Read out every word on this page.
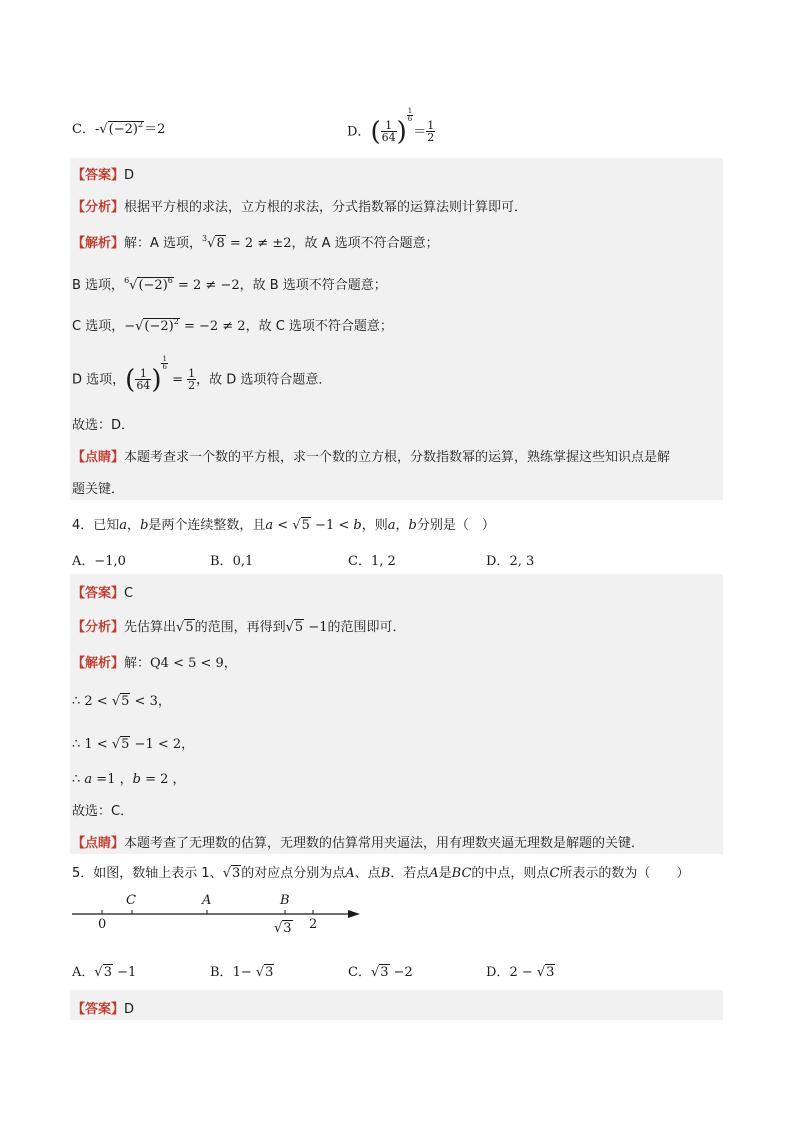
C．$-√(-2)^2=2$	D．( $\frac{1}{64}$ )
$\frac{1}{6}$
＝ $\frac{1}{2}$
【答案】D
【分析】根据平方根的求法，立方根的求法，分式指数幂的运算法则计算即可．
【解析】解：A 选项，$^3$√8 = 2 ≠ ±2，故 A 选项不符合题意；
B 选项，$^6√(-2)^6 = 2 \ne -2$，故 B 选项不符合题意；
C 选项，$-√(-2)^2 = -2 \ne 2$，故 C 选项不符合题意；
D 选项，( $\frac{1}{64}$ )
$\frac{1}{6}$
= $\frac{1}{2}$ ，故 D 选项符合题意．
故选：D．
【点睛】本题考查求一个数的平方根，求一个数的立方根，分数指数幂的运算，熟练掌握这些知识点是解
题关键．
4．已知a，b是两个连续整数，且a < √5 −1 < b，则a，b分别是（　）
A．−1,0	B．0,1	C．1, 2	D．2, 3
【答案】C
【分析】先估算出√5的范围，再得到√5 −1的范围即可．
【解析】解：Q4 < 5 < 9，
∴ 2 < √5 < 3，
∴ 1 < √5 −1 < 2，
∴ a =1 ，b = 2 ，
故选：C．
【点睛】本题考查了无理数的估算，无理数的估算常用夹逼法，用有理数夹逼无理数是解题的关键．
5．如图，数轴上表示 1、√3的对应点分别为点A、点B．若点A是BC的中点，则点C所表示的数为（　　）
C	A	B
0	√3 2
A．√3 −1	B．1− √3	C．√3 −2	D．2 − √3
【答案】D
